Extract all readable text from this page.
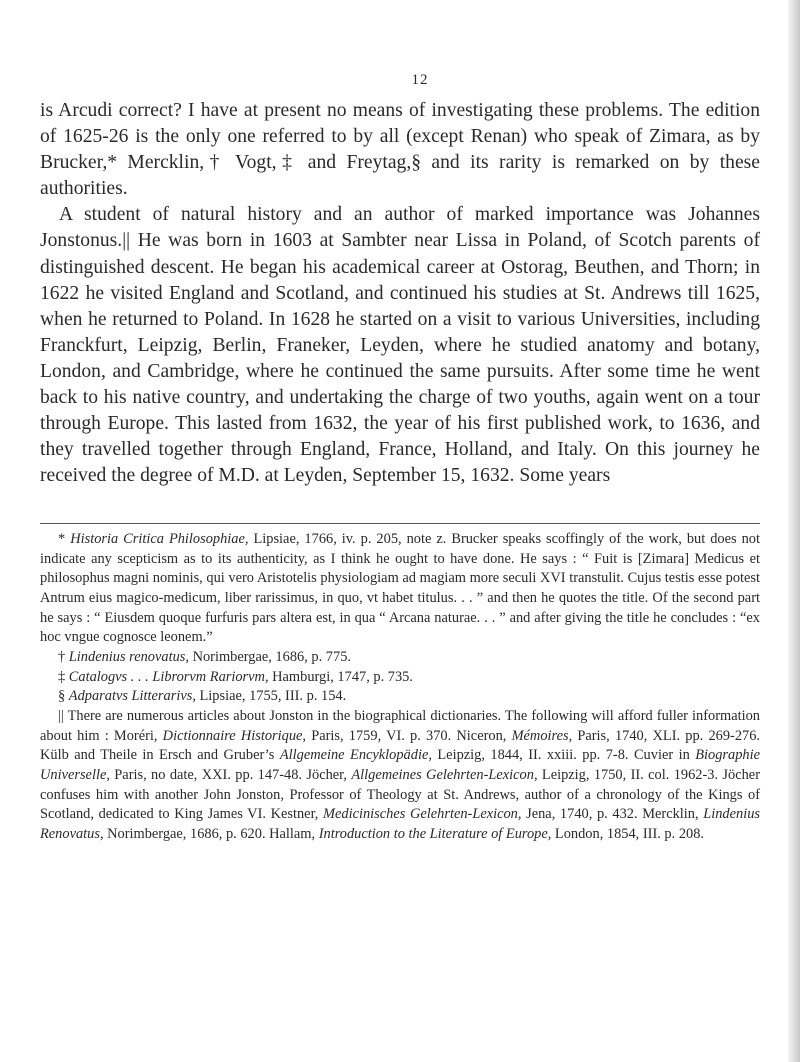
12

is Arcudi correct? I have at present no means of investigating these problems. The edition of 1625-26 is the only one referred to by all (except Renan) who speak of Zimara, as by Brucker,* Mercklin,† Vogt,‡ and Freytag,§ and its rarity is remarked on by these authorities.

A student of natural history and an author of marked importance was Johannes Jonstonus.|| He was born in 1603 at Sambter near Lissa in Poland, of Scotch parents of distinguished descent. He began his academical career at Ostorag, Beuthen, and Thorn; in 1622 he visited England and Scotland, and continued his studies at St. Andrews till 1625, when he returned to Poland. In 1628 he started on a visit to various Universities, including Franckfurt, Leipzig, Berlin, Franeker, Leyden, where he studied anatomy and botany, London, and Cambridge, where he continued the same pursuits. After some time he went back to his native country, and undertaking the charge of two youths, again went on a tour through Europe. This lasted from 1632, the year of his first published work, to 1636, and they travelled together through England, France, Holland, and Italy. On this journey he received the degree of M.D. at Leyden, September 15, 1632. Some years

* Historia Critica Philosophiae, Lipsiae, 1766, iv. p. 205, note z. Brucker speaks scoffingly of the work, but does not indicate any scepticism as to its authenticity, as I think he ought to have done. He says : “ Fuit is [Zimara] Medicus et philosophus magni nominis, qui vero Aristotelis physiologiam ad magiam more seculi XVI transtulit. Cujus testis esse potest Antrum eius magico-medicum, liber rarissimus, in quo, vt habet titulus. . . ” and then he quotes the title. Of the second part he says : “ Eiusdem quoque furfuris pars altera est, in qua “ Arcana naturae. . . ” and after giving the title he concludes : “ex hoc vngue cognosce leonem.”

† Lindenius renovatus, Norimbergae, 1686, p. 775.

‡ Catalogvs . . . Librorvm Rariorvm, Hamburgi, 1747, p. 735.

§ Adparatvs Litterarivs, Lipsiae, 1755, III. p. 154.

|| There are numerous articles about Jonston in the biographical dictionaries. The following will afford fuller information about him : Moréri, Dictionnaire Historique, Paris, 1759, VI. p. 370. Niceron, Mémoires, Paris, 1740, XLI. pp. 269-276. Külb and Theile in Ersch and Gruber’s Allgemeine Encyklopädie, Leipzig, 1844, II. xxiii. pp. 7-8. Cuvier in Biographie Universelle, Paris, no date, XXI. pp. 147-48. Jöcher, Allgemeines Gelehrten-Lexicon, Leipzig, 1750, II. col. 1962-3. Jöcher confuses him with another John Jonston, Professor of Theology at St. Andrews, author of a chronology of the Kings of Scotland, dedicated to King James VI. Kestner, Medicinisches Gelehrten-Lexicon, Jena, 1740, p. 432. Mercklin, Lindenius Renovatus, Norimbergae, 1686, p. 620. Hallam, Introduction to the Literature of Europe, London, 1854, III. p. 208.
